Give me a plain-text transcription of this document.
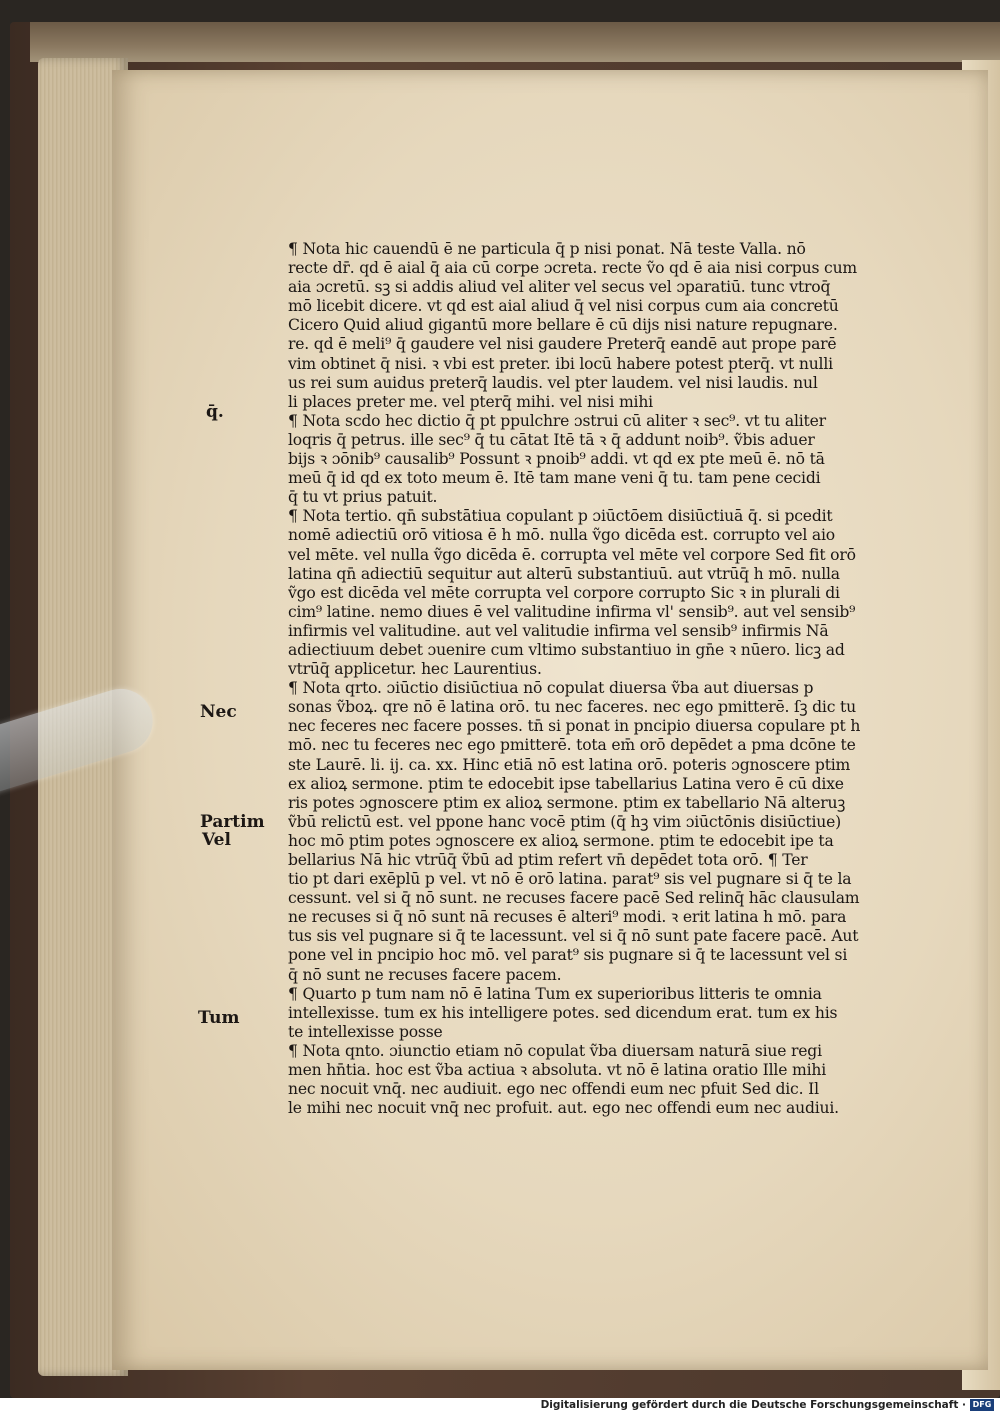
¶ Nota hic cauendū ē ne particula q̄ p nisi ponat. Nā teste Valla. nō
recte dr̄. qd ē aial q̄ aia cū corpe ɔcreta. recte ṽo qd ē aia nisi corpus cum
aia ɔcretū. sꝫ si addis aliud vel aliter vel secus vel ɔparatiū. tunc vtroq̄
mō licebit dicere. vt qd est aial aliud q̄ vel nisi corpus cum aia concretū
Cicero Quid aliud gigantū more bellare ē cū dijs nisi nature repugnare.
re. qd ē meli⁹ q̄ gaudere vel nisi gaudere Preterq̄ eandē aut prope parē
vim obtinet q̄ nisi. ꝛ vbi est preter. ibi locū habere potest pterq̄. vt nulli
us rei sum auidus preterq̄ laudis. vel pter laudem. vel nisi laudis. nul
li places preter me. vel pterq̄ mihi. vel nisi mihi
¶ Nota scd̄o hec dictio q̄ pt ppulchre ɔstrui cū aliter ꝛ sec⁹. vt tu aliter
loqris q̄ petrus. ille sec⁹ q̄ tu cātat Itē tā ꝛ q̄ addunt noib⁹. ṽbis aduer
bijs ꝛ ɔōnib⁹ causalib⁹ Possunt ꝛ pnoib⁹ addi. vt qd̄ ex pte meū ē. nō tā
meū q̄ id qd̄ ex toto meum ē. Itē tam mane veni q̄ tu. tam pene cecidi
q̄ tu vt prius patuit.
¶ Nota tertio. qn̄ substātiua copulant p ɔiūctōem disiūctiuā q̄. si pcedit
nomē adiectiū orō vitiosa ē h̄ mō. nulla ṽgo dicēda est. corrupto vel aio
vel mēte. vel nulla ṽgo dicēda ē. corrupta vel mēte vel corpore Sed fit orō
latina qn̄ adiectiū sequitur aut alterū substantiuū. aut vtrūq̄ h̄ mō. nulla
ṽgo est dicēda vel mēte corrupta vel corpore corrupto Sic ꝛ in plurali di
cim⁹ latine. nemo diues ē vel valitudine infirma vl' sensib⁹. aut vel sensib⁹
infirmis vel valitudine. aut vel valitudie infirma vel sensib⁹ infirmis Nā
adiectiuum debet ɔuenire cum vltimo substantiuo in gn̄e ꝛ nūero. licꝫ ad
vtrūq̄ applicetur. hec Laurentius.
¶ Nota qrto. ɔiūctio disiūctiua nō copulat diuersa ṽba aut diuersas p
sonas ṽboꝝ. qre nō ē latina orō. tu nec faceres. nec ego pmitterē. ſꝫ dic tu
nec feceres nec facere posses. tn̄ si ponat in pncipio diuersa copulare pt h̄
mō. nec tu feceres nec ego pmitterē. tota em̄ orō depēdet a pma dcōne te
ste Laurē. li. ij. ca. xx. Hinc etiā nō est latina orō. poteris ɔgnoscere ptim
ex alioꝝ sermone. ptim te edocebit ipse tabellarius Latina vero ē cū dixe
ris potes ɔgnoscere ptim ex alioꝝ sermone. ptim ex tabellario Nā alteruꝫ
ṽbū relictū est. vel ppone hanc vocē ptim (q̄ hꝫ vim ɔiūctōnis disiūctiue)
hoc mō ptim potes ɔgnoscere ex alioꝝ sermone. ptim te edocebit ipe ta
bellarius Nā hic vtrūq̄ ṽbū ad ptim refert vn̄ depēdet tota orō. ¶ Ter
tio pt dari exēplū p vel. vt nō ē orō latina. parat⁹ sis vel pugnare si q̄ te la
cessunt. vel si q̄ nō sunt. ne recuses facere pacē Sed relinq̄ hāc clausulam
ne recuses si q̄ nō sunt nā recuses ē alteri⁹ modi. ꝛ erit latina h̄ mō. para
tus sis vel pugnare si q̄ te lacessunt. vel si q̄ nō sunt pate facere pacē. Aut
pone vel in pncipio hoc mō. vel parat⁹ sis pugnare si q̄ te lacessunt vel si
q̄ nō sunt ne recuses facere pacem.
¶ Quarto p tum nam nō ē latina Tum ex superioribus litteris te omnia
intellexisse. tum ex his intelligere potes. sed dicendum erat. tum ex his
te intellexisse posse
¶ Nota qnto. ɔiunctio etiam nō copulat ṽba diuersam naturā siue regi
men hn̄tia. hoc est ṽba actiua ꝛ absoluta. vt nō ē latina oratio Ille mihi
nec nocuit vnq̄. nec audiuit. ego nec offendi eum nec pfuit Sed dic. Il
le mihi nec nocuit vnq̄ nec profuit. aut. ego nec offendi eum nec audiui.
q̄.
Nec
Partim
Vel
Tum
Digitalisierung gefördert durch die Deutsche Forschungsgemeinschaft · DFG
